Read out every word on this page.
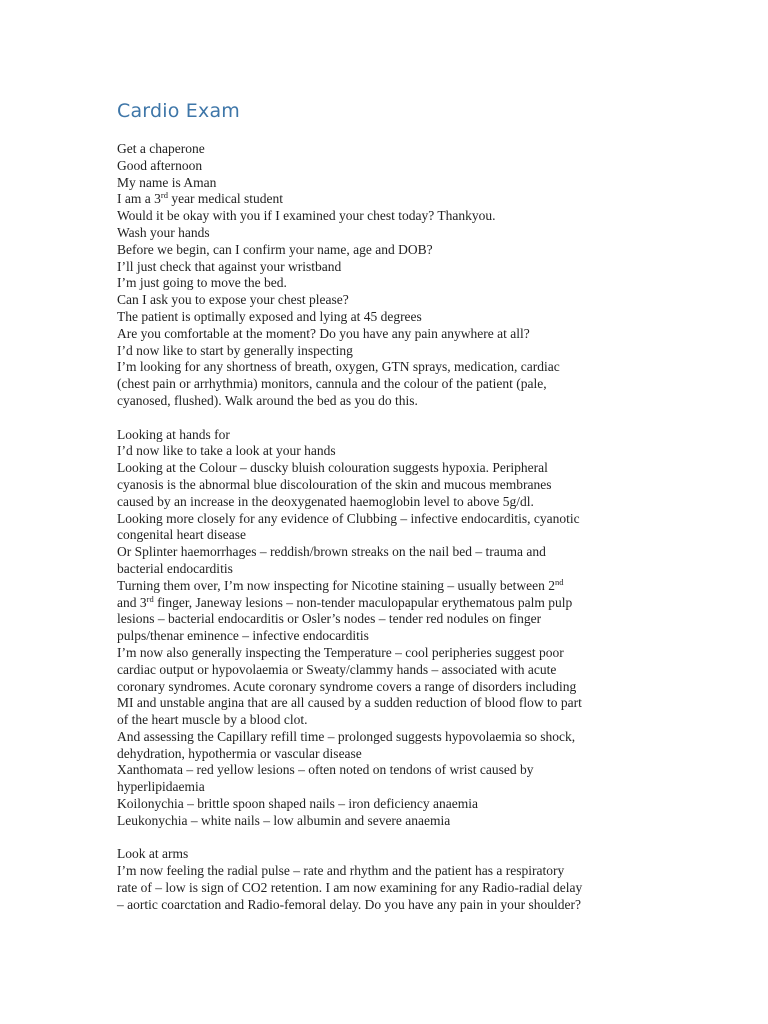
Cardio Exam
Get a chaperone
Good afternoon
My name is Aman
I am a 3rd year medical student
Would it be okay with you if I examined your chest today? Thankyou.
Wash your hands
Before we begin, can I confirm your name, age and DOB?
I’ll just check that against your wristband
I’m just going to move the bed.
Can I ask you to expose your chest please?
The patient is optimally exposed and lying at 45 degrees
Are you comfortable at the moment? Do you have any pain anywhere at all?
I’d now like to start by generally inspecting
I’m looking for any shortness of breath, oxygen, GTN sprays, medication, cardiac
(chest pain or arrhythmia) monitors, cannula and the colour of the patient (pale,
cyanosed, flushed). Walk around the bed as you do this.
Looking at hands for
I’d now like to take a look at your hands
Looking at the Colour – duscky bluish colouration suggests hypoxia. Peripheral
cyanosis is the abnormal blue discolouration of the skin and mucous membranes
caused by an increase in the deoxygenated haemoglobin level to above 5g/dl.
Looking more closely for any evidence of Clubbing – infective endocarditis, cyanotic
congenital heart disease
Or Splinter haemorrhages – reddish/brown streaks on the nail bed – trauma and
bacterial endocarditis
Turning them over, I’m now inspecting for Nicotine staining – usually between 2nd
and 3rd finger, Janeway lesions – non-tender maculopapular erythematous palm pulp
lesions – bacterial endocarditis or Osler’s nodes – tender red nodules on finger
pulps/thenar eminence – infective endocarditis
I’m now also generally inspecting the Temperature – cool peripheries suggest poor
cardiac output or hypovolaemia or Sweaty/clammy hands – associated with acute
coronary syndromes. Acute coronary syndrome covers a range of disorders including
MI and unstable angina that are all caused by a sudden reduction of blood flow to part
of the heart muscle by a blood clot.
And assessing the Capillary refill time – prolonged suggests hypovolaemia so shock,
dehydration, hypothermia or vascular disease
Xanthomata – red yellow lesions – often noted on tendons of wrist caused by
hyperlipidaemia
Koilonychia – brittle spoon shaped nails – iron deficiency anaemia
Leukonychia – white nails – low albumin and severe anaemia
Look at arms
I’m now feeling the radial pulse – rate and rhythm and the patient has a respiratory
rate of – low is sign of CO2 retention. I am now examining for any Radio-radial delay
– aortic coarctation and Radio-femoral delay. Do you have any pain in your shoulder?
